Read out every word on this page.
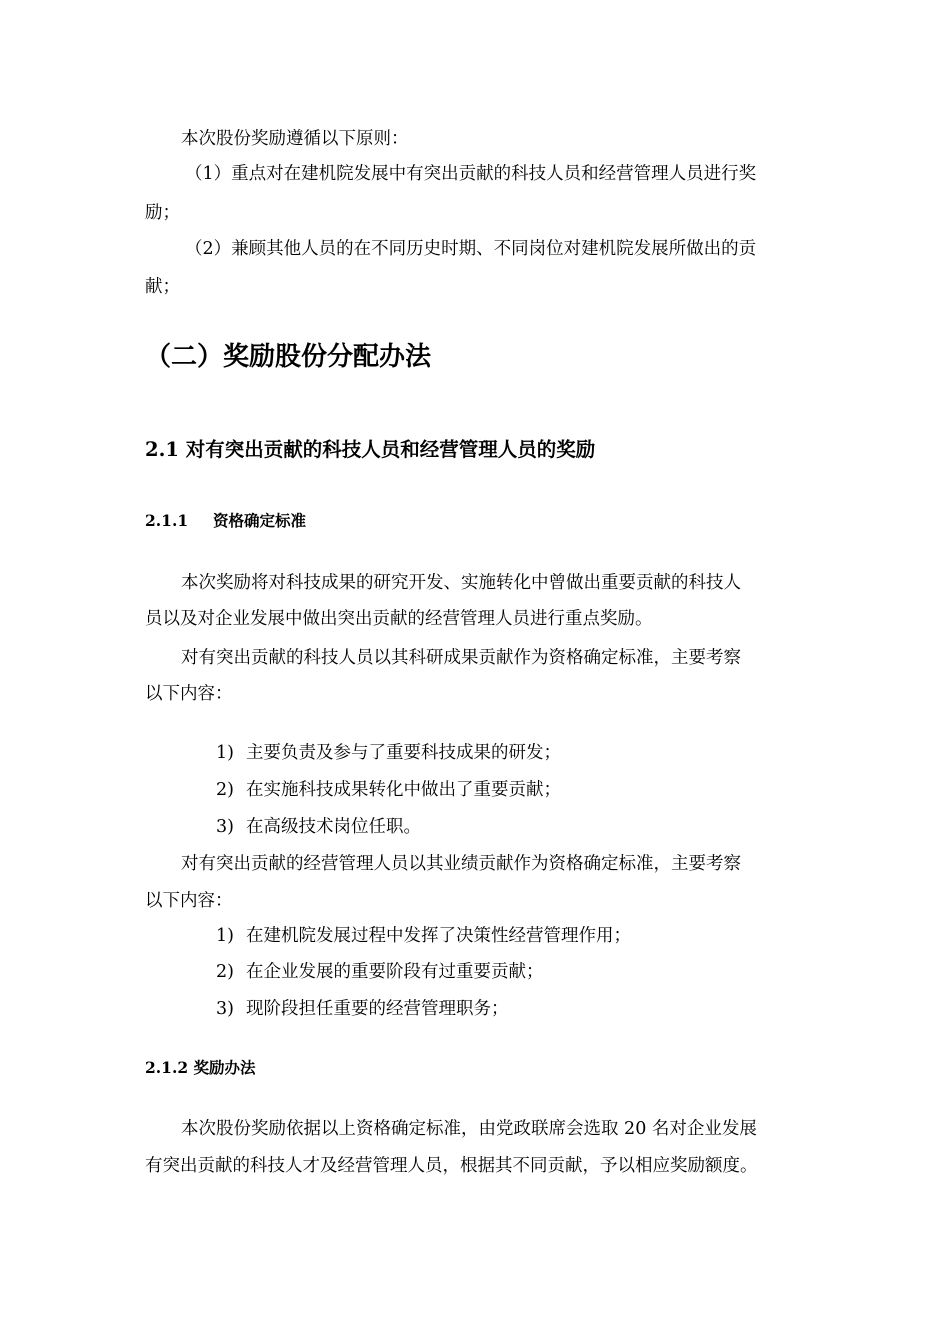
本次股份奖励遵循以下原则：
（1）重点对在建机院发展中有突出贡献的科技人员和经营管理人员进行奖
励；
（2）兼顾其他人员的在不同历史时期、不同岗位对建机院发展所做出的贡
献；
（二）奖励股份分配办法
2.1 对有突出贡献的科技人员和经营管理人员的奖励
2.1.1 资格确定标准
本次奖励将对科技成果的研究开发、实施转化中曾做出重要贡献的科技人
员以及对企业发展中做出突出贡献的经营管理人员进行重点奖励。
对有突出贡献的科技人员以其科研成果贡献作为资格确定标准，主要考察
以下内容：
1) 主要负责及参与了重要科技成果的研发；
2) 在实施科技成果转化中做出了重要贡献；
3) 在高级技术岗位任职。
对有突出贡献的经营管理人员以其业绩贡献作为资格确定标准，主要考察
以下内容：
1) 在建机院发展过程中发挥了决策性经营管理作用；
2) 在企业发展的重要阶段有过重要贡献；
3) 现阶段担任重要的经营管理职务；
2.1.2 奖励办法
本次股份奖励依据以上资格确定标准，由党政联席会选取 20 名对企业发展
有突出贡献的科技人才及经营管理人员，根据其不同贡献，予以相应奖励额度。
